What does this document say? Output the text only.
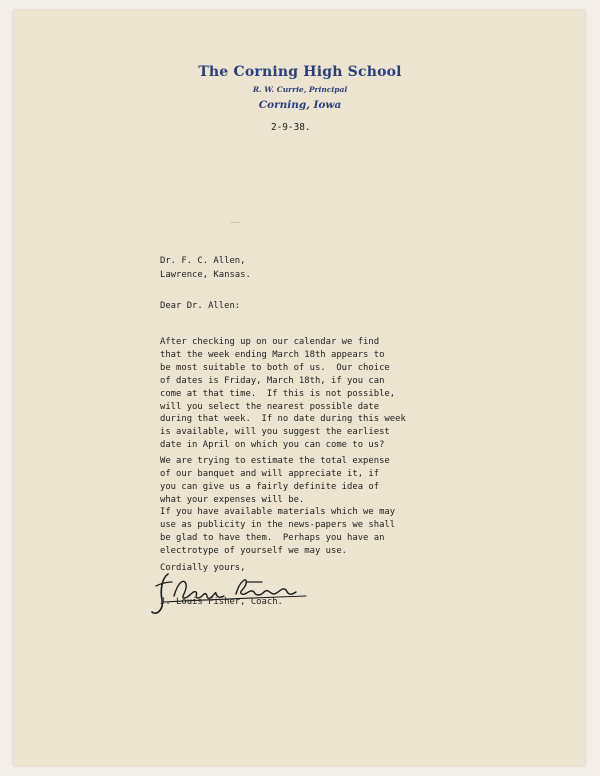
The Corning High School
R. W. Currie, Principal
Corning, Iowa
2-9-38.
Dr. F. C. Allen,
Lawrence, Kansas.
Dear Dr. Allen:
After checking up on our calendar we find
that the week ending March 18th appears to
be most suitable to both of us.  Our choice
of dates is Friday, March 18th, if you can
come at that time.  If this is not possible,
will you select the nearest possible date
during that week.  If no date during this week
is available, will you suggest the earliest
date in April on which you can come to us?
We are trying to estimate the total expense
of our banquet and will appreciate it, if
you can give us a fairly definite idea of
what your expenses will be.
If you have available materials which we may
use as publicity in the news-papers we shall
be glad to have them.  Perhaps you have an
electrotype of yourself we may use.
Cordially yours,
J. Louis Fisher, Coach.
